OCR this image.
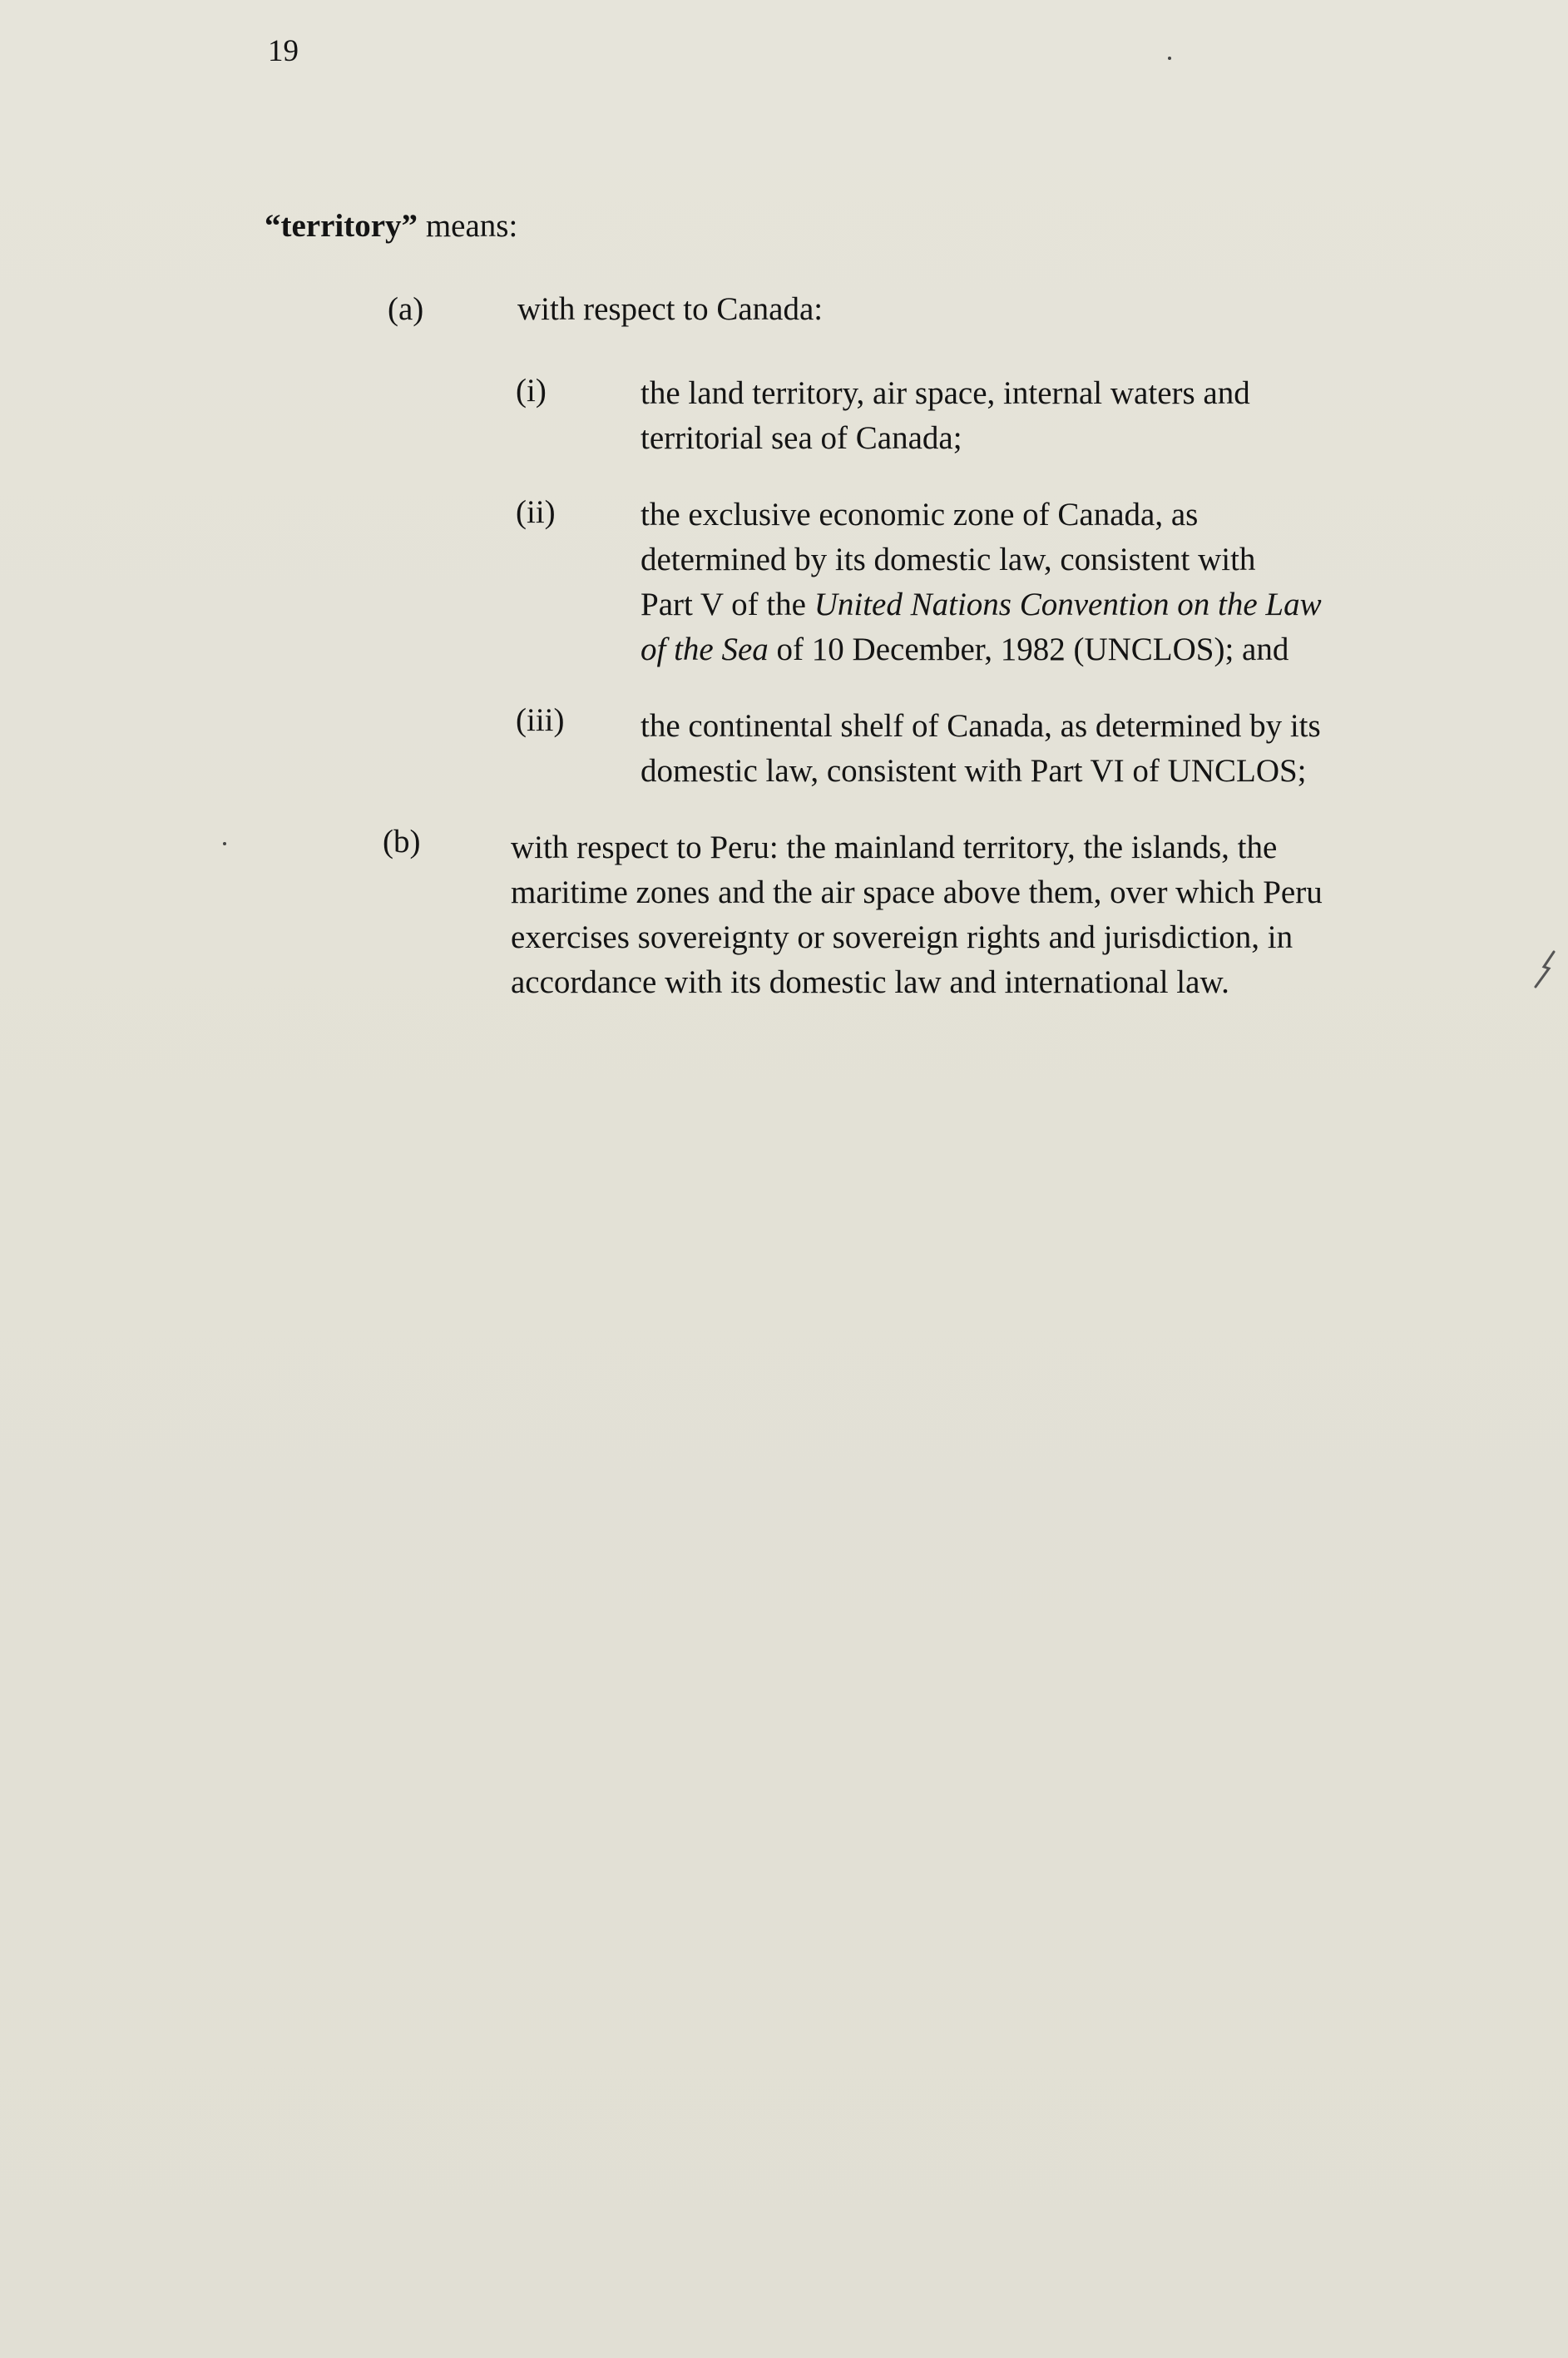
19
“territory” means:
(a)	with respect to Canada:
(i)	the land territory, air space, internal waters and
territorial sea of Canada;
(ii)	the exclusive economic zone of Canada, as
determined by its domestic law, consistent with
Part V of the United Nations Convention on the Law
of the Sea of 10 December, 1982 (UNCLOS); and
(iii) the continental shelf of Canada, as determined by its
domestic law, consistent with Part VI of UNCLOS;
(b)	with respect to Peru: the mainland territory, the islands, the
maritime zones and the air space above them, over which Peru
exercises sovereignty or sovereign rights and jurisdiction, in
accordance with its domestic law and international law.
